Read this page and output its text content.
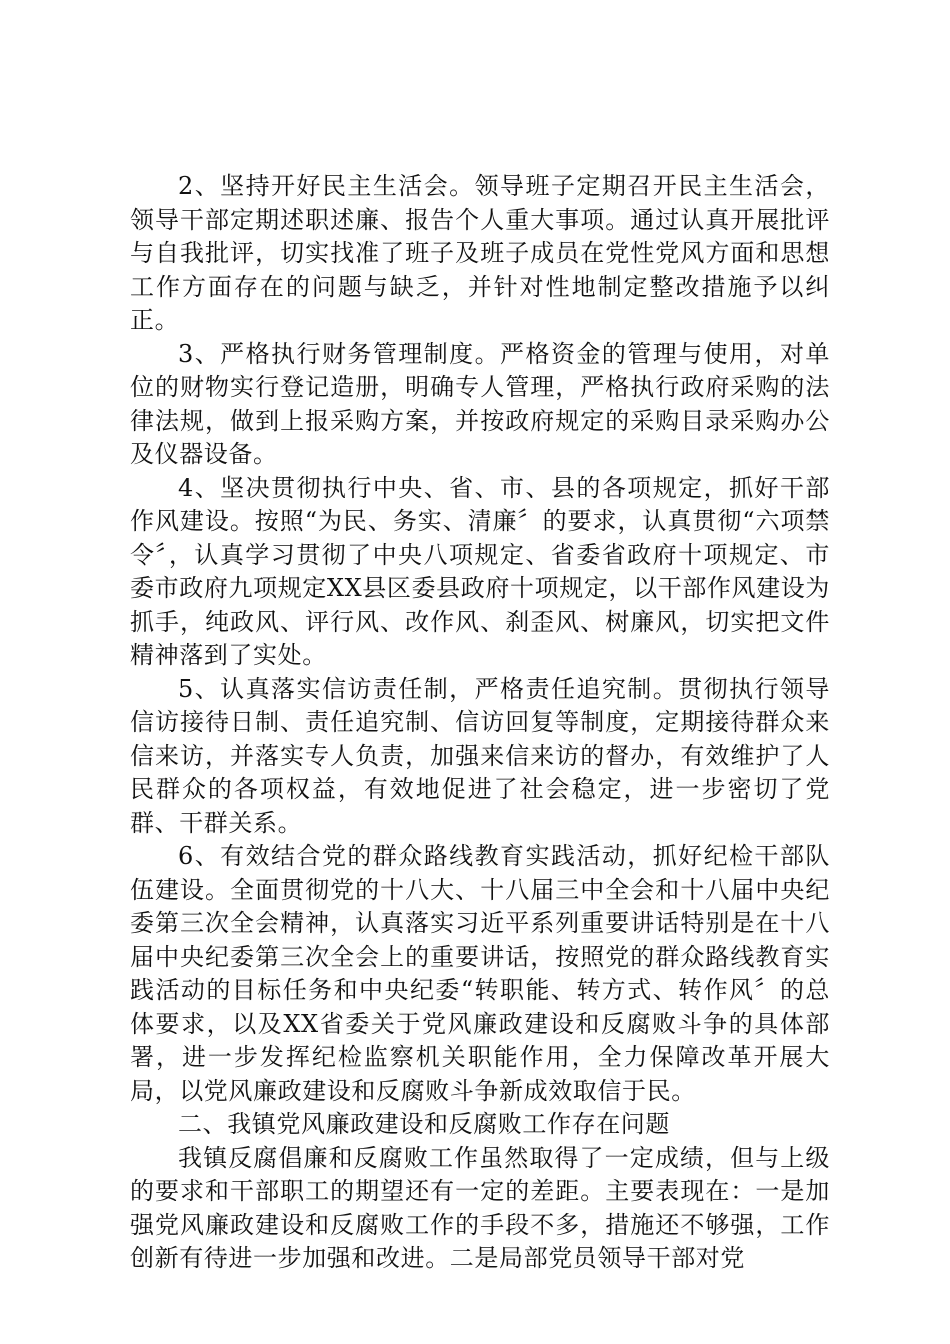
2、坚持开好民主生活会。领导班子定期召开民主生活会，领导干部定期述职述廉、报告个人重大事项。通过认真开展批评与自我批评，切实找准了班子及班子成员在党性党风方面和思想工作方面存在的问题与缺乏，并针对性地制定整改措施予以纠正。

3、严格执行财务管理制度。严格资金的管理与使用，对单位的财物实行登记造册，明确专人管理，严格执行政府采购的法律法规，做到上报采购方案，并按政府规定的采购目录采购办公及仪器设备。

4、坚决贯彻执行中央、省、市、县的各项规定，抓好干部作风建设。按照“为民、务实、清廉〞的要求，认真贯彻“六项禁令〞，认真学习贯彻了中央八项规定、省委省政府十项规定、市委市政府九项规定XX县区委县政府十项规定，以干部作风建设为抓手，纯政风、评行风、改作风、刹歪风、树廉风，切实把文件精神落到了实处。

5、认真落实信访责任制，严格责任追究制。贯彻执行领导信访接待日制、责任追究制、信访回复等制度，定期接待群众来信来访，并落实专人负责，加强来信来访的督办，有效维护了人民群众的各项权益，有效地促进了社会稳定，进一步密切了党群、干群关系。

6、有效结合党的群众路线教育实践活动，抓好纪检干部队伍建设。全面贯彻党的十八大、十八届三中全会和十八届中央纪委第三次全会精神，认真落实习近平系列重要讲话特别是在十八届中央纪委第三次全会上的重要讲话，按照党的群众路线教育实践活动的目标任务和中央纪委“转职能、转方式、转作风〞的总体要求，以及XX省委关于党风廉政建设和反腐败斗争的具体部署，进一步发挥纪检监察机关职能作用，全力保障改革开展大局，以党风廉政建设和反腐败斗争新成效取信于民。

二、我镇党风廉政建设和反腐败工作存在问题

我镇反腐倡廉和反腐败工作虽然取得了一定成绩，但与上级的要求和干部职工的期望还有一定的差距。主要表现在：一是加强党风廉政建设和反腐败工作的手段不多，措施还不够强，工作创新有待进一步加强和改进。二是局部党员领导干部对党
